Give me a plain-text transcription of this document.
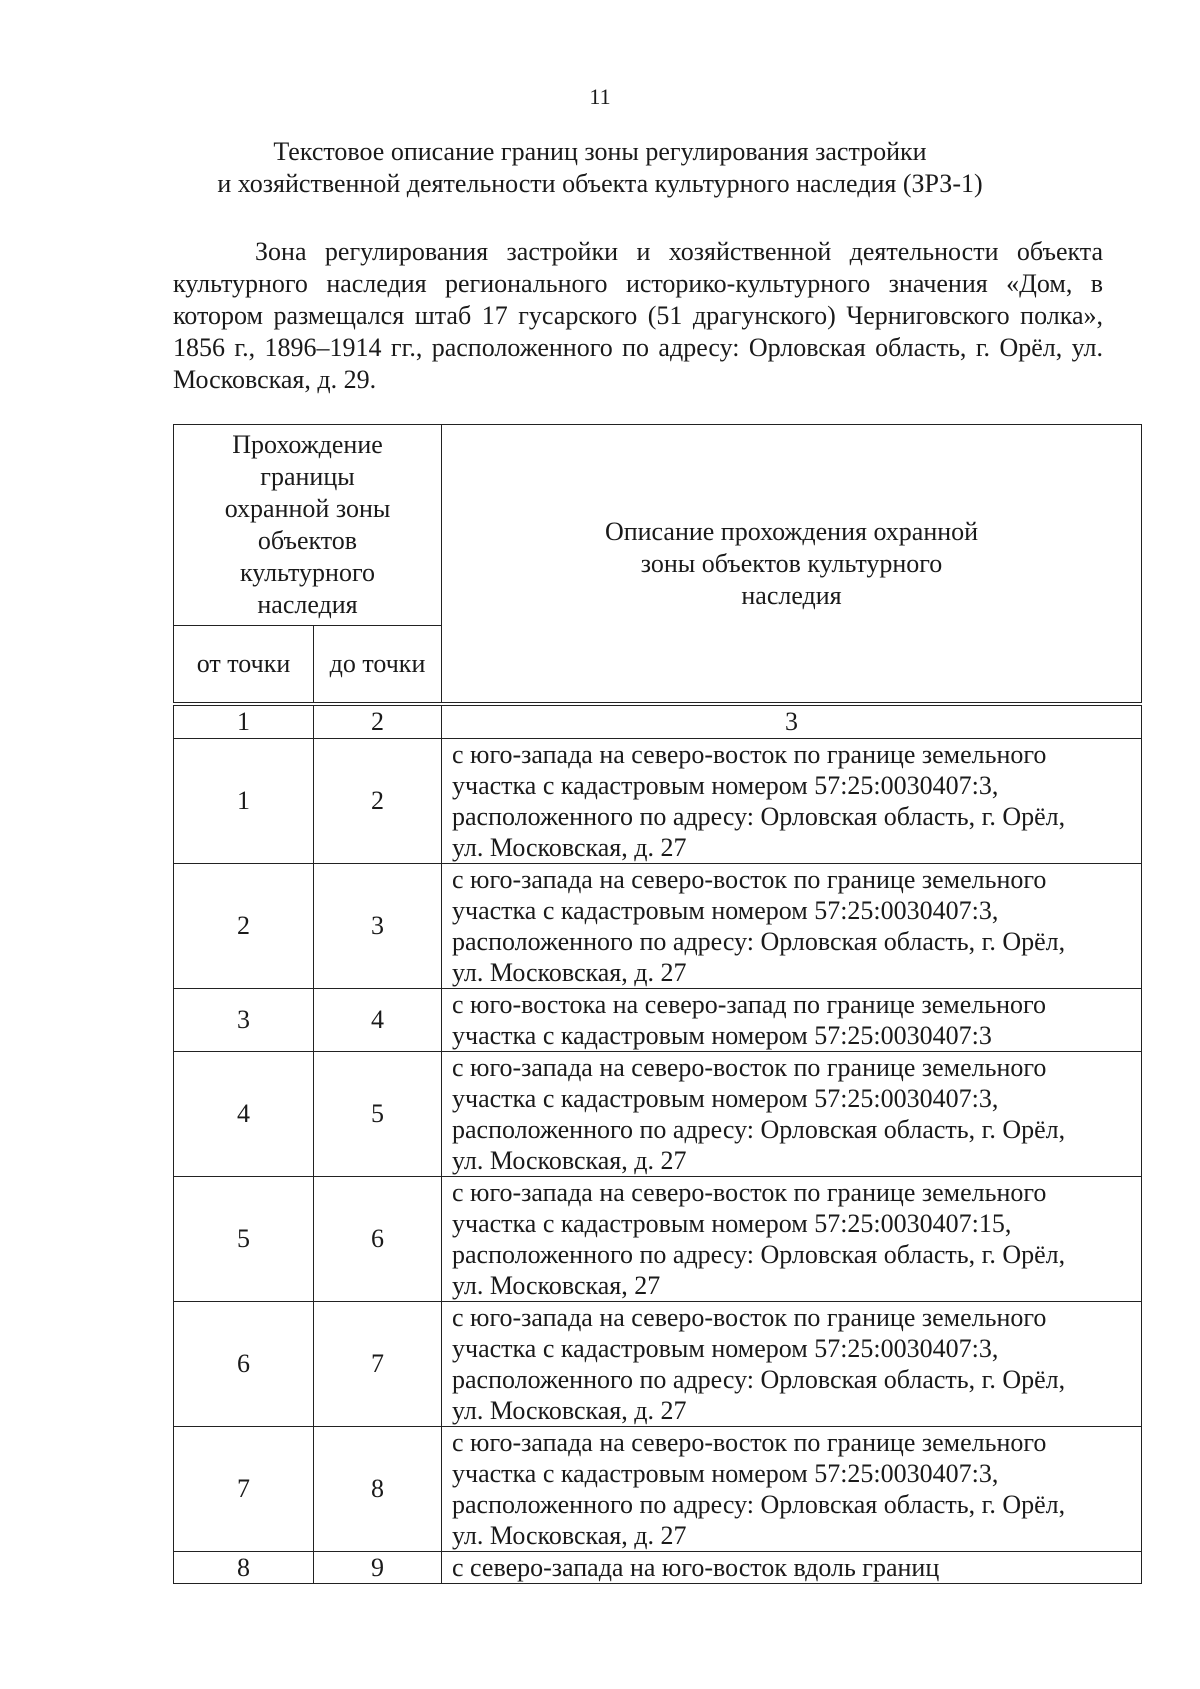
11
Текстовое описание границ зоны регулирования застройки
и хозяйственной деятельности объекта культурного наследия (ЗРЗ-1)
Зона регулирования застройки и хозяйственной деятельности объекта культурного наследия регионального историко-культурного значения «Дом, в котором размещался штаб 17 гусарского (51 драгунского) Черниговского полка», 1856 г., 1896–1914 гг., расположенного по адресу: Орловская область, г. Орёл, ул. Московская, д. 29.
Прохождение границы охранной зоны объектов культурного наследия		Описание прохождения охранной зоны объектов культурного наследия
от точки	до точки	
1	2	3
1	2	с юго-запада на северо-восток по границе земельного
участка с кадастровым номером 57:25:0030407:3,
расположенного по адресу: Орловская область, г. Орёл,
ул. Московская, д. 27

2	3	с юго-запада на северо-восток по границе земельного
участка с кадастровым номером 57:25:0030407:3,
расположенного по адресу: Орловская область, г. Орёл,
ул. Московская, д. 27

3	4	с юго-востока на северо-запад по границе земельного
участка с кадастровым номером 57:25:0030407:3

4	5	с юго-запада на северо-восток по границе земельного
участка с кадастровым номером 57:25:0030407:3,
расположенного по адресу: Орловская область, г. Орёл,
ул. Московская, д. 27

5	6	с юго-запада на северо-восток по границе земельного
участка с кадастровым номером 57:25:0030407:15,
расположенного по адресу: Орловская область, г. Орёл,
ул. Московская, 27

6	7	с юго-запада на северо-восток по границе земельного
участка с кадастровым номером 57:25:0030407:3,
расположенного по адресу: Орловская область, г. Орёл,
ул. Московская, д. 27

7	8	с юго-запада на северо-восток по границе земельного
участка с кадастровым номером 57:25:0030407:3,
расположенного по адресу: Орловская область, г. Орёл,
ул. Московская, д. 27

8	9	с северо-запада на юго-восток вдоль границ
